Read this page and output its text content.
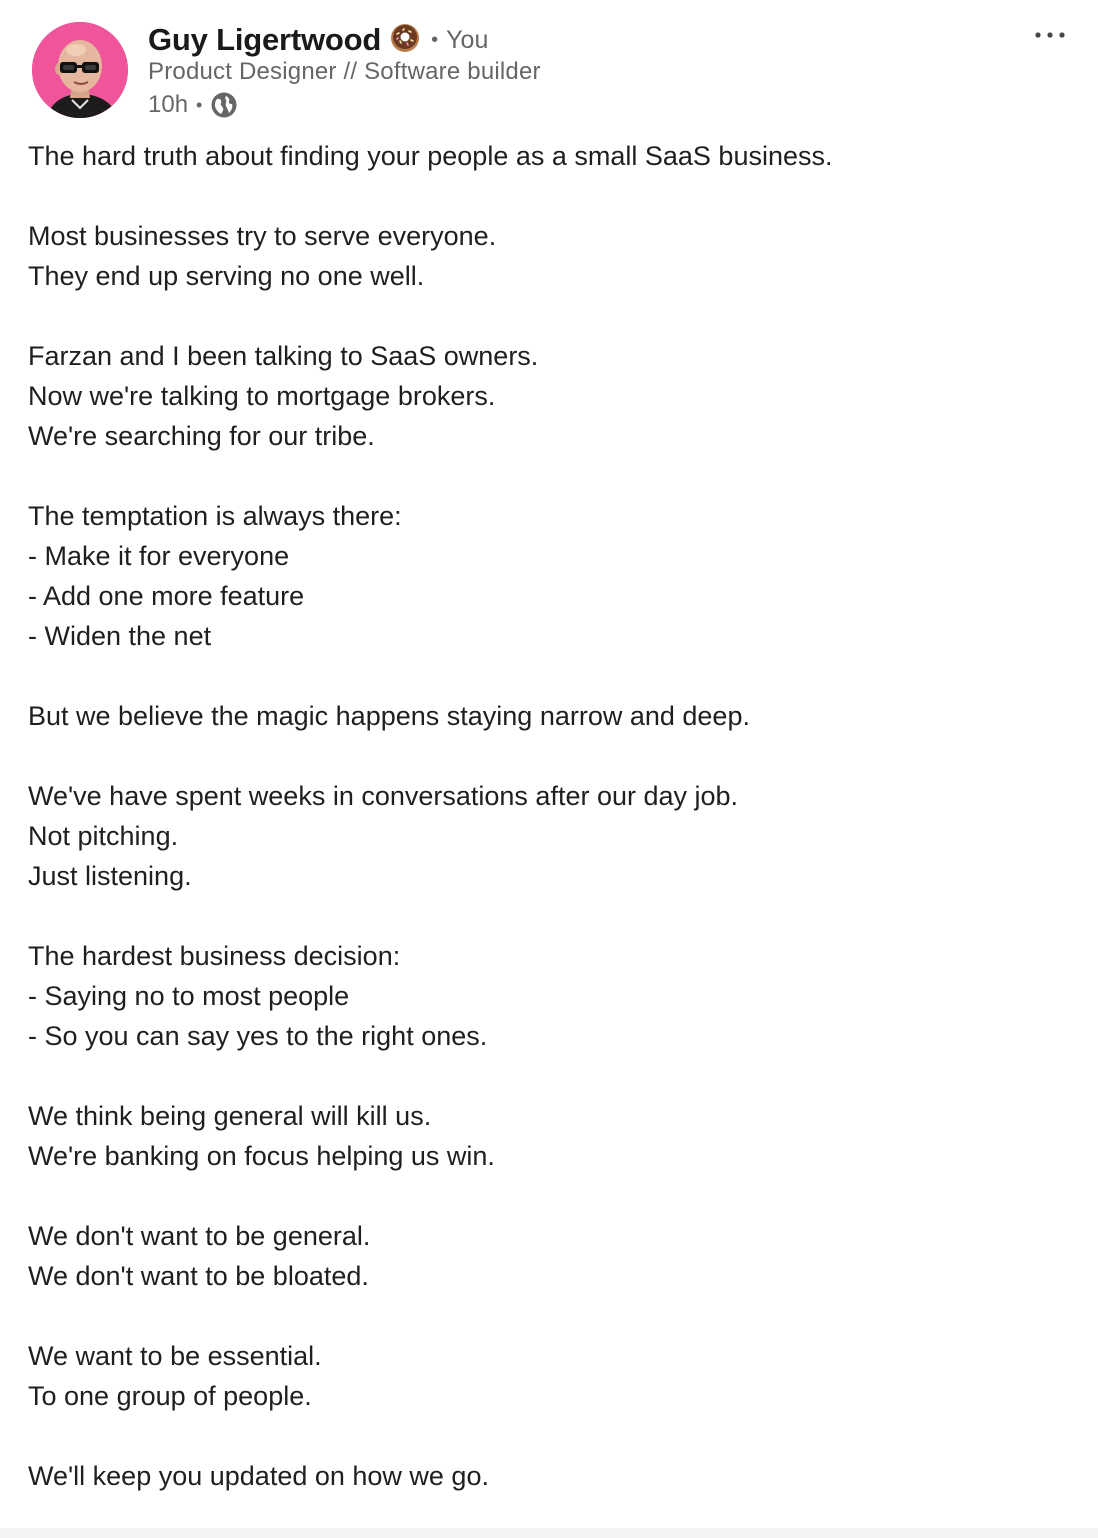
Guy Ligertwood	• You
Product Designer // Software builder
10h •
The hard truth about finding your people as a small SaaS business.
Most businesses try to serve everyone.
They end up serving no one well.
Farzan and I been talking to SaaS owners.
Now we're talking to mortgage brokers.
We're searching for our tribe.
The temptation is always there:
- Make it for everyone
- Add one more feature
- Widen the net
But we believe the magic happens staying narrow and deep.
We've have spent weeks in conversations after our day job.
Not pitching.
Just listening.
The hardest business decision:
- Saying no to most people
- So you can say yes to the right ones.
We think being general will kill us.
We're banking on focus helping us win.
We don't want to be general.
We don't want to be bloated.
We want to be essential.
To one group of people.
We'll keep you updated on how we go.
